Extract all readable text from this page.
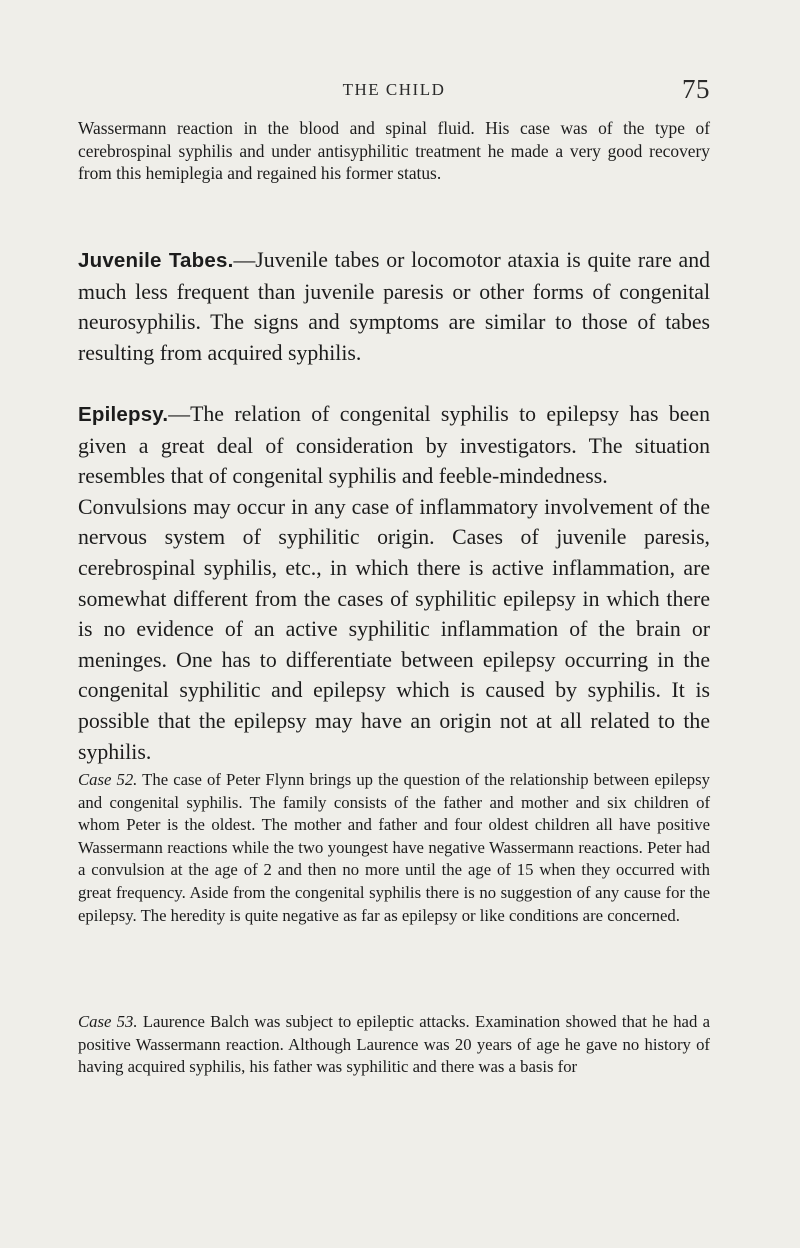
THE CHILD	75

Wassermann reaction in the blood and spinal fluid. His case was of the type of cerebrospinal syphilis and under antisyphilitic treatment he made a very good recovery from this hemiplegia and regained his former status.

Juvenile Tabes.—Juvenile tabes or locomotor ataxia is quite rare and much less frequent than juvenile paresis or other forms of congenital neurosyphilis. The signs and symptoms are similar to those of tabes resulting from acquired syphilis.

Epilepsy.—The relation of congenital syphilis to epilepsy has been given a great deal of consideration by investigators. The situation resembles that of congenital syphilis and feeble-mindedness.

Convulsions may occur in any case of inflammatory involvement of the nervous system of syphilitic origin. Cases of juvenile paresis, cerebrospinal syphilis, etc., in which there is active inflammation, are somewhat different from the cases of syphilitic epilepsy in which there is no evidence of an active syphilitic inflammation of the brain or meninges. One has to differentiate between epilepsy occurring in the congenital syphilitic and epilepsy which is caused by syphilis. It is possible that the epilepsy may have an origin not at all related to the syphilis.

Case 52. The case of Peter Flynn brings up the question of the relationship between epilepsy and congenital syphilis. The family consists of the father and mother and six children of whom Peter is the oldest. The mother and father and four oldest children all have positive Wassermann reactions while the two youngest have negative Wassermann reactions. Peter had a convulsion at the age of 2 and then no more until the age of 15 when they occurred with great frequency. Aside from the congenital syphilis there is no suggestion of any cause for the epilepsy. The heredity is quite negative as far as epilepsy or like conditions are concerned.

Case 53. Laurence Balch was subject to epileptic attacks. Examination showed that he had a positive Wassermann reaction. Although Laurence was 20 years of age he gave no history of having acquired syphilis, his father was syphilitic and there was a basis for
